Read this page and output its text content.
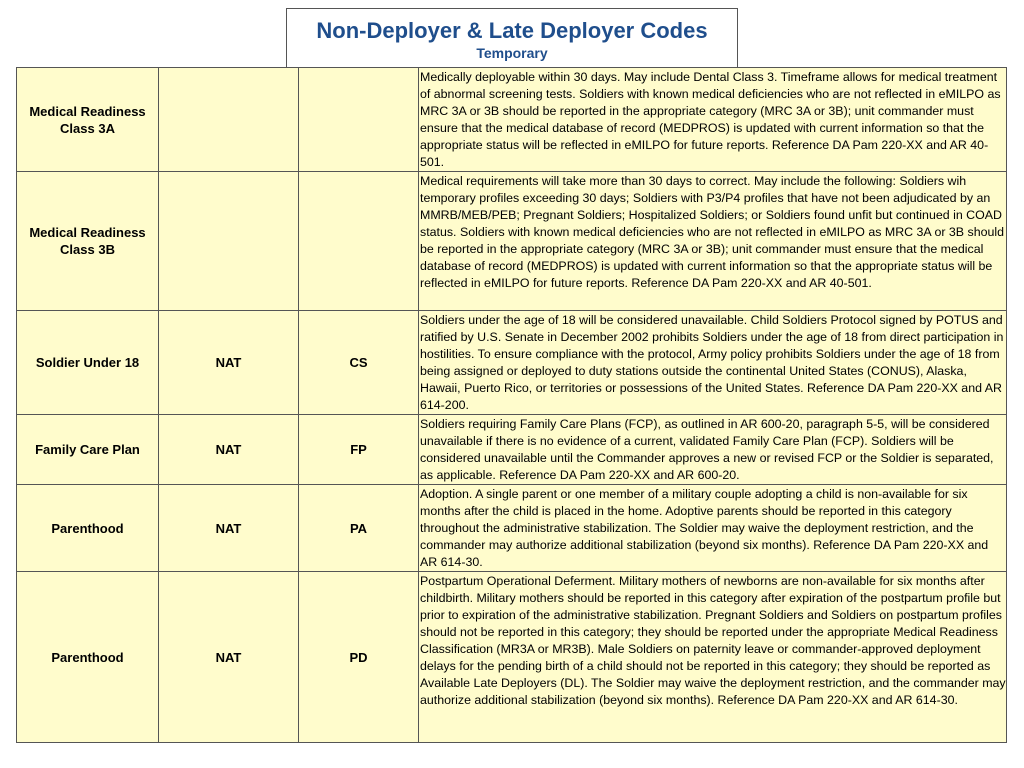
Non-Deployer & Late Deployer Codes
Temporary
Medical Readiness Class 3A			Medically deployable within 30 days. May include Dental Class 3. Timeframe allows for medical treatment of abnormal screening tests. Soldiers with known medical deficiencies who are not reflected in eMILPO as MRC 3A or 3B should be reported in the appropriate category (MRC 3A or 3B); unit commander must ensure that the medical database of record (MEDPROS) is updated with current information so that the appropriate status will be reflected in eMILPO for future reports. Reference DA Pam 220-XX and AR 40-501.
Medical Readiness Class 3B			Medical requirements will take more than 30 days to correct. May include the following: Soldiers wih temporary profiles exceeding 30 days; Soldiers with P3/P4 profiles that have not been adjudicated by an MMRB/MEB/PEB; Pregnant Soldiers; Hospitalized Soldiers; or Soldiers found unfit but continued in COAD status. Soldiers with known medical deficiencies who are not reflected in eMILPO as MRC 3A or 3B should be reported in the appropriate category (MRC 3A or 3B); unit commander must ensure that the medical database of record (MEDPROS) is updated with current information so that the appropriate status will be reflected in eMILPO for future reports. Reference DA Pam 220-XX and AR 40-501.
Soldier Under 18	NAT	CS	Soldiers under the age of 18 will be considered unavailable. Child Soldiers Protocol signed by POTUS and ratified by U.S. Senate in December 2002 prohibits Soldiers under the age of 18 from direct participation in hostilities. To ensure compliance with the protocol, Army policy prohibits Soldiers under the age of 18 from being assigned or deployed to duty stations outside the continental United States (CONUS), Alaska, Hawaii, Puerto Rico, or territories or possessions of the United States. Reference DA Pam 220-XX and AR 614-200.
Family Care Plan	NAT	FP	Soldiers requiring Family Care Plans (FCP), as outlined in AR 600-20, paragraph 5-5, will be considered unavailable if there is no evidence of a current, validated Family Care Plan (FCP). Soldiers will be considered unavailable until the Commander approves a new or revised FCP or the Soldier is separated, as applicable. Reference DA Pam 220-XX and AR 600-20.
Parenthood	NAT	PA	Adoption. A single parent or one member of a military couple adopting a child is non-available for six months after the child is placed in the home. Adoptive parents should be reported in this category throughout the administrative stabilization. The Soldier may waive the deployment restriction, and the commander may authorize additional stabilization (beyond six months). Reference DA Pam 220-XX and AR 614-30.
Parenthood	NAT	PD	Postpartum Operational Deferment. Military mothers of newborns are non-available for six months after childbirth. Military mothers should be reported in this category after expiration of the postpartum profile but prior to expiration of the administrative stabilization. Pregnant Soldiers and Soldiers on postpartum profiles should not be reported in this category; they should be reported under the appropriate Medical Readiness Classification (MR3A or MR3B). Male Soldiers on paternity leave or commander-approved deployment delays for the pending birth of a child should not be reported in this category; they should be reported as Available Late Deployers (DL). The Soldier may waive the deployment restriction, and the commander may authorize additional stabilization (beyond six months). Reference DA Pam 220-XX and AR 614-30.
